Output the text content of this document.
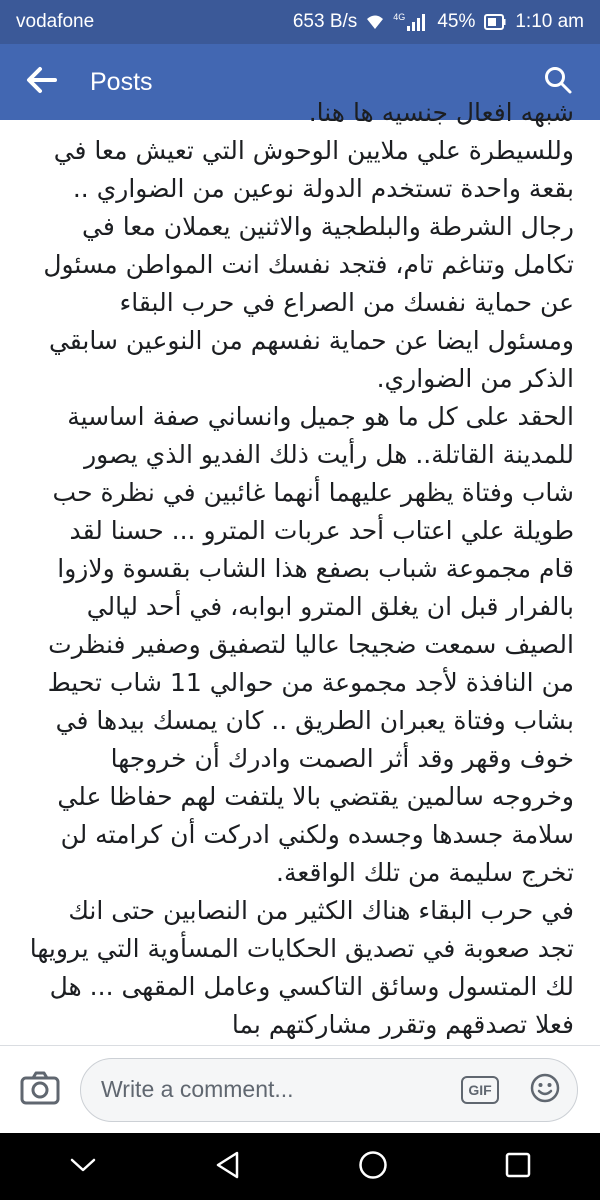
vodafone	653 B/s	4G 45% 1:10 am
Posts

شبهه افعال جنسيه ها هنا.

وللسيطرة علي ملايين الوحوش التي تعيش معا في بقعة واحدة تستخدم الدولة نوعين من الضواري .. رجال الشرطة والبلطجية والاثنين يعملان معا في تكامل وتناغم تام، فتجد نفسك انت المواطن مسئول عن حماية نفسك من الصراع في حرب البقاء ومسئول ايضا عن حماية نفسهم من النوعين سابقي الذكر من الضواري.

الحقد على كل ما هو جميل وانساني صفة اساسية للمدينة القاتلة.. هل رأيت ذلك الفديو الذي يصور شاب وفتاة يظهر عليهما أنهما غائبين في نظرة حب طويلة علي اعتاب أحد عربات المترو ... حسنا لقد قام مجموعة شباب بصفع هذا الشاب بقسوة ولازوا بالفرار قبل ان يغلق المترو ابوابه، في أحد ليالي الصيف سمعت ضجيجا عاليا لتصفيق وصفير فنظرت من النافذة لأجد مجموعة من حوالي 11 شاب تحيط بشاب وفتاة يعبران الطريق .. كان يمسك بيدها في خوف وقهر وقد أثر الصمت وادرك أن خروجها وخروجه سالمين يقتضي بالا يلتفت لهم حفاظا علي سلامة جسدها وجسده ولكني ادركت أن كرامته لن تخرج سليمة من تلك الواقعة.

في حرب البقاء هناك الكثير من النصابين حتى انك تجد صعوبة في تصديق الحكايات المسأوية التي يرويها لك المتسول وسائق التاكسي وعامل المقهى ... هل فعلا تصدقهم وتقرر مشاركتهم بما

Write a comment...
GIF
